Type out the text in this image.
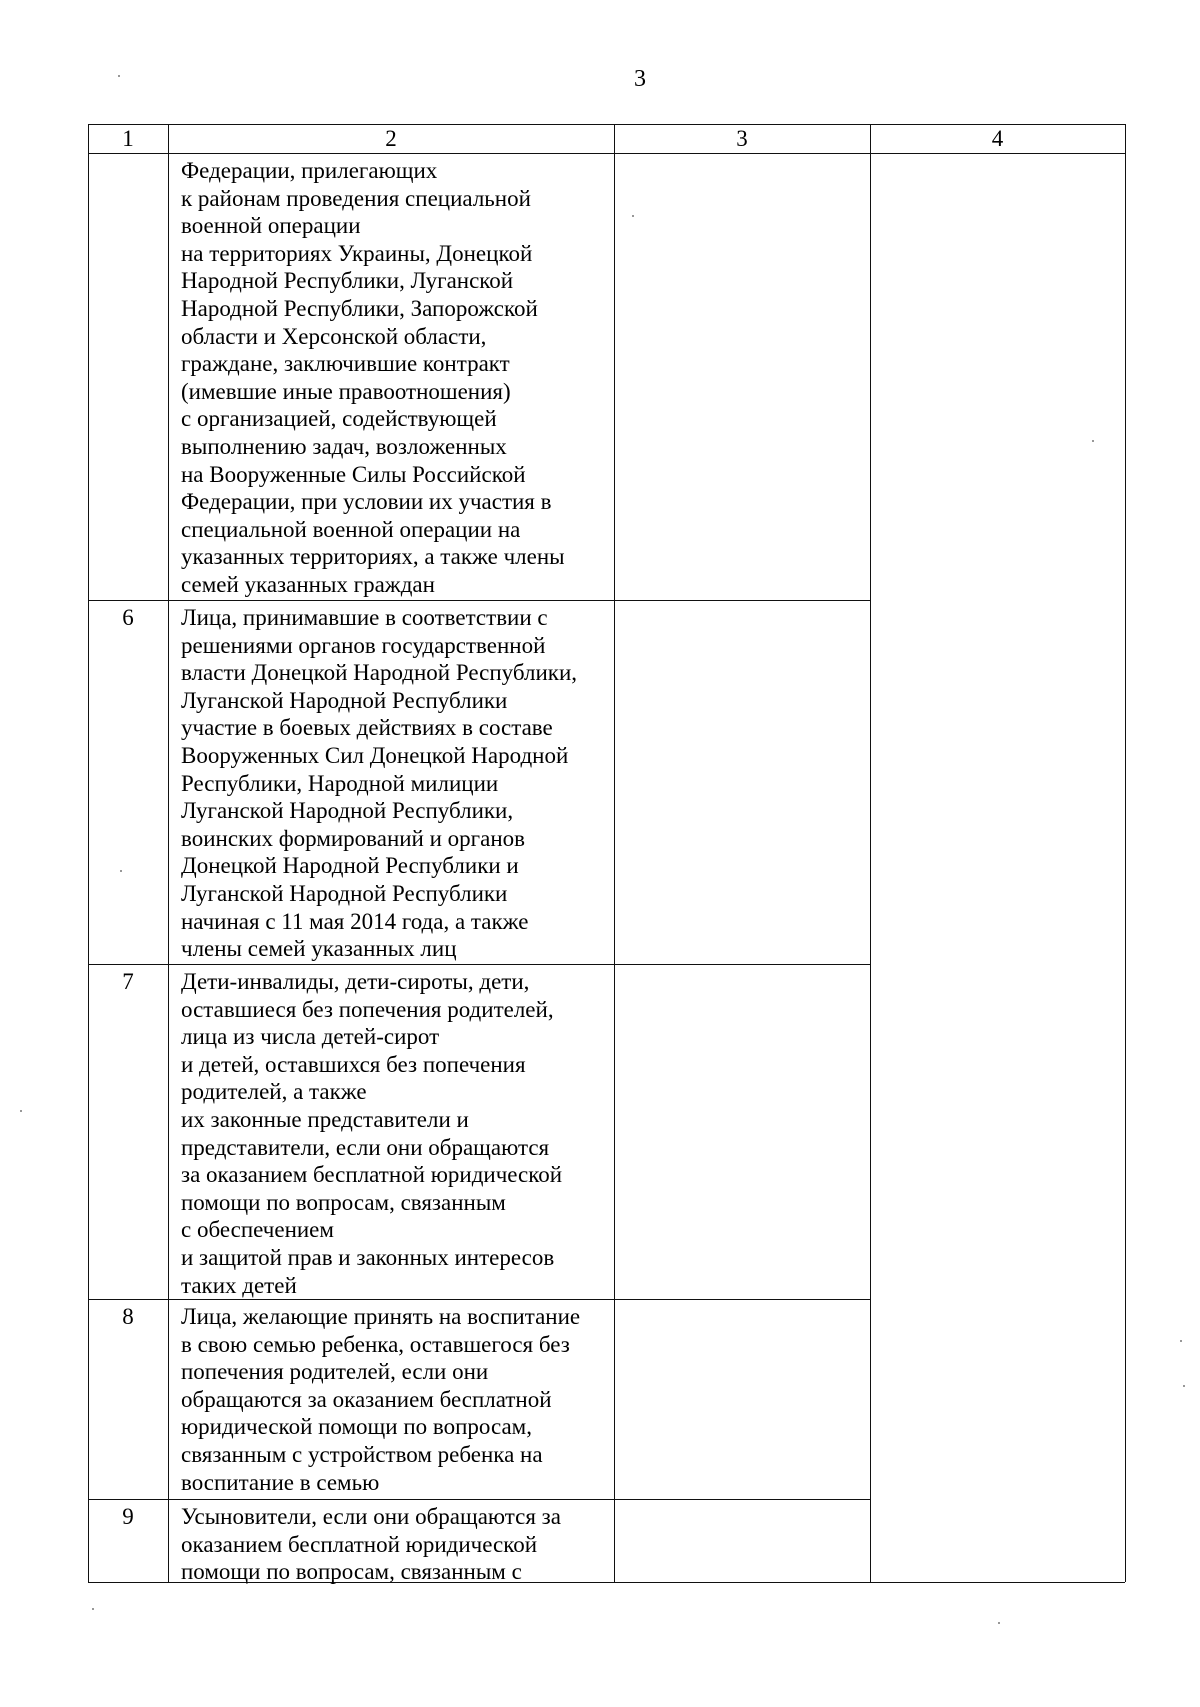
3
1	2	3	4
Федерации, прилегающих
к районам проведения специальной
военной операции
на территориях Украины, Донецкой
Народной Республики, Луганской
Народной Республики, Запорожской
области и Херсонской области,
граждане, заключившие контракт
(имевшие иные правоотношения)
с организацией, содействующей
выполнению задач, возложенных
на Вооруженные Силы Российской
Федерации, при условии их участия в
специальной военной операции на
указанных территориях, а также члены
семей указанных граждан
6	Лица, принимавшие в соответствии с
решениями органов государственной
власти Донецкой Народной Республики,
Луганской Народной Республики
участие в боевых действиях в составе
Вооруженных Сил Донецкой Народной
Республики, Народной милиции
Луганской Народной Республики,
воинских формирований и органов
Донецкой Народной Республики и
Луганской Народной Республики
начиная с 11 мая 2014 года, а также
члены семей указанных лиц
7	Дети-инвалиды, дети-сироты, дети,
оставшиеся без попечения родителей,
лица из числа детей-сирот
и детей, оставшихся без попечения
родителей, а также
их законные представители и
представители, если они обращаются
за оказанием бесплатной юридической
помощи по вопросам, связанным
с обеспечением
и защитой прав и законных интересов
таких детей
8	Лица, желающие принять на воспитание
в свою семью ребенка, оставшегося без
попечения родителей, если они
обращаются за оказанием бесплатной
юридической помощи по вопросам,
связанным с устройством ребенка на
воспитание в семью
9	Усыновители, если они обращаются за
оказанием бесплатной юридической
помощи по вопросам, связанным с
